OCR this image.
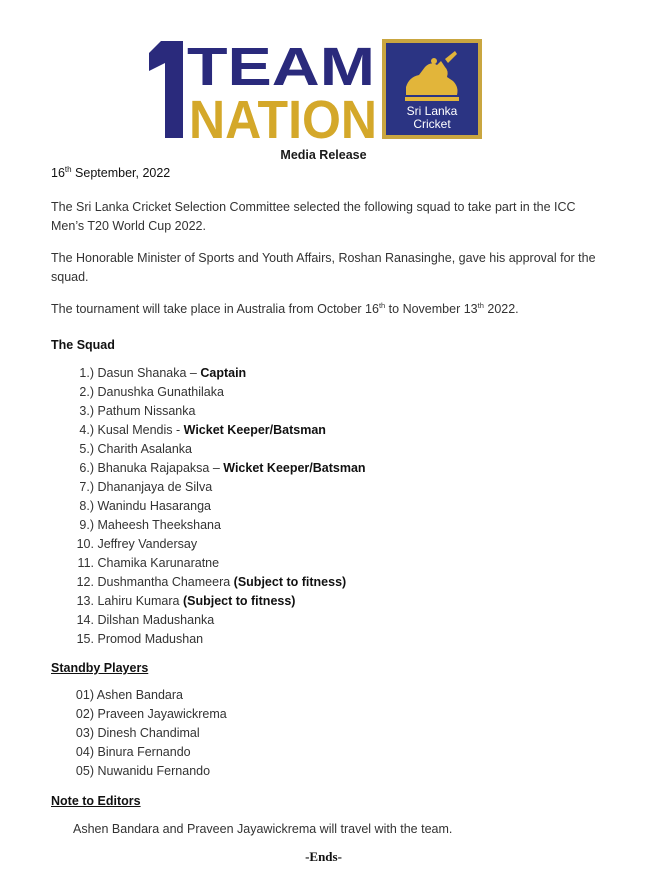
TEAM
NATION Sri Lanka
Cricket
Media Release
16th September, 2022

The Sri Lanka Cricket Selection Committee selected the following squad to take part in the ICC Men’s T20 World Cup 2022.

The Honorable Minister of Sports and Youth Affairs, Roshan Ranasinghe, gave his approval for the squad.

The tournament will take place in Australia from October 16th to November 13th 2022.

The Squad
1.) Dasun Shanaka – Captain
2.) Danushka Gunathilaka
3.) Pathum Nissanka
4.) Kusal Mendis - Wicket Keeper/Batsman
5.) Charith Asalanka
6.) Bhanuka Rajapaksa – Wicket Keeper/Batsman
7.) Dhananjaya de Silva
8.) Wanindu Hasaranga
9.) Maheesh Theekshana
10. Jeffrey Vandersay
11. Chamika Karunaratne
12. Dushmantha Chameera (Subject to fitness)
13. Lahiru Kumara (Subject to fitness)
14. Dilshan Madushanka
15. Promod Madushan
Standby Players
01) Ashen Bandara
02) Praveen Jayawickrema
03) Dinesh Chandimal
04) Binura Fernando
05) Nuwanidu Fernando
Note to Editors

Ashen Bandara and Praveen Jayawickrema will travel with the team.

-Ends-
